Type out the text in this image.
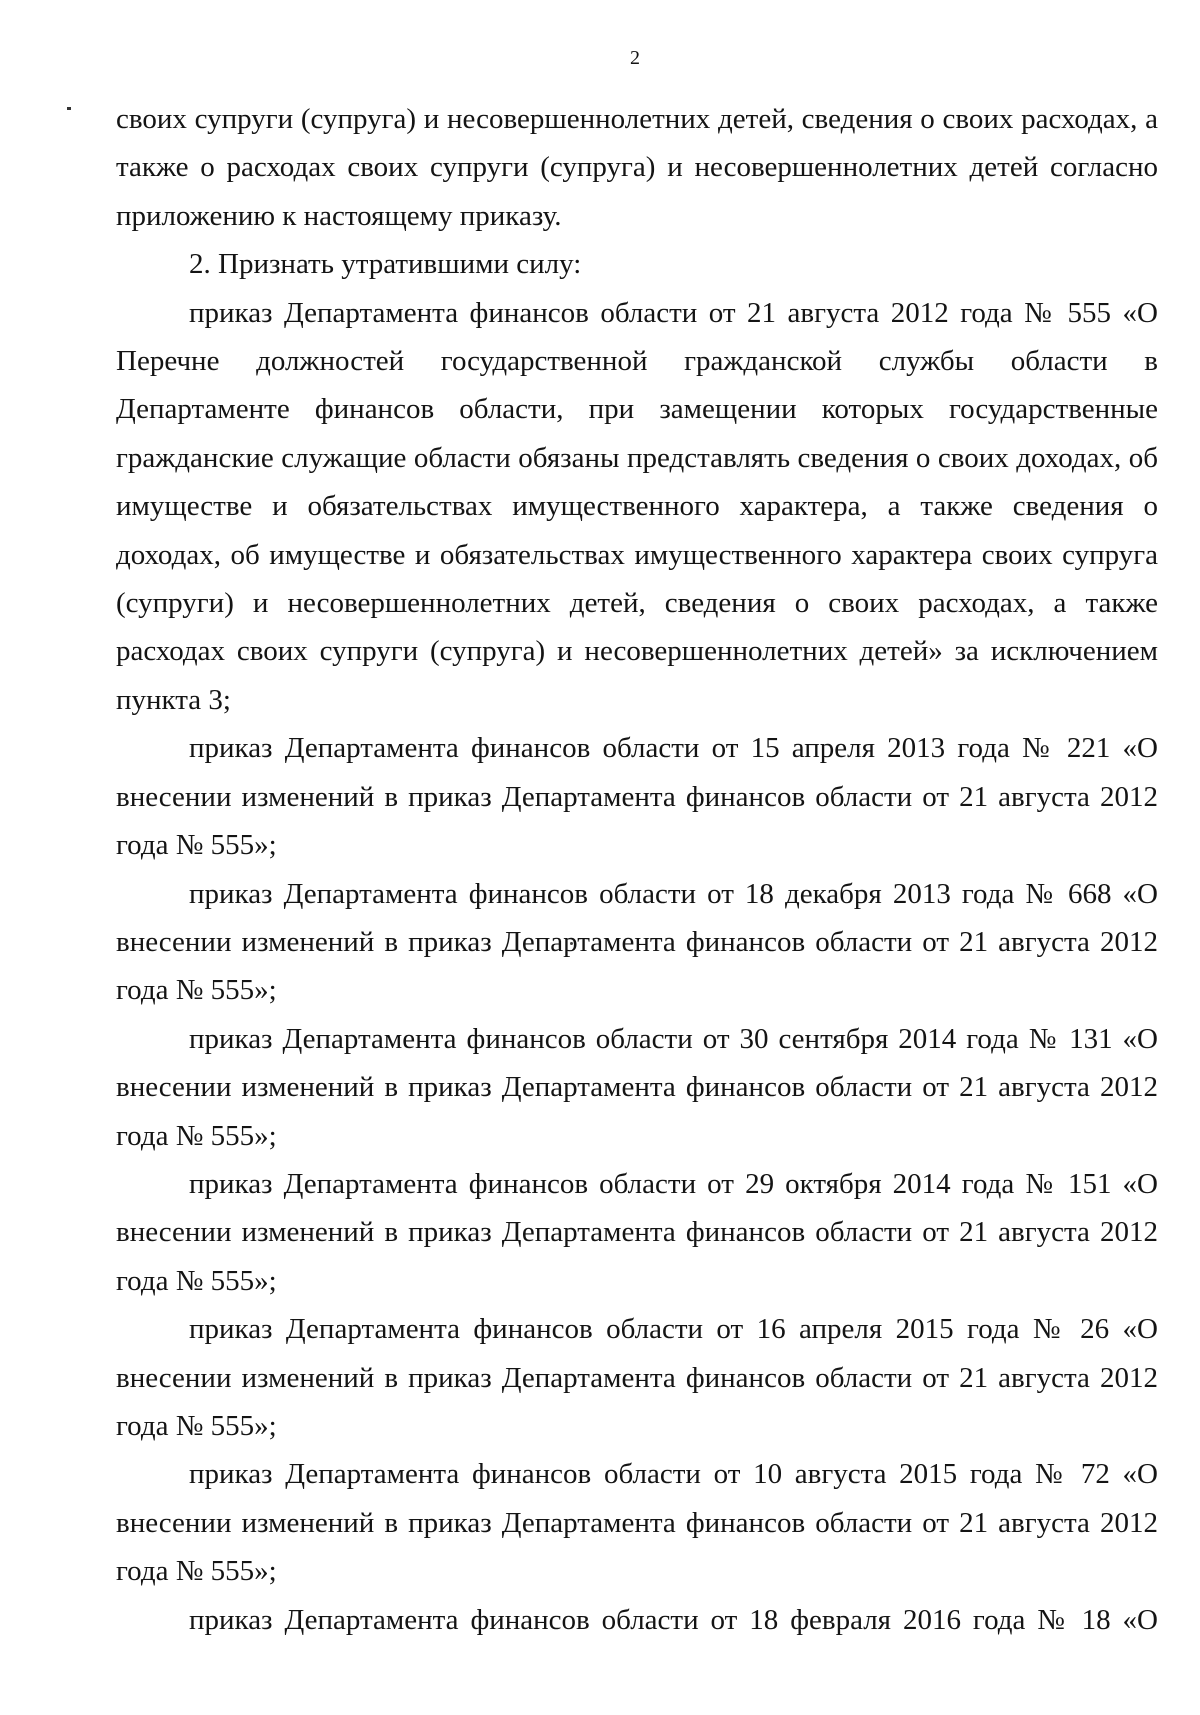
2

своих супруги (супруга) и несовершеннолетних детей, сведения о своих расходах, а также о расходах своих супруги (супруга) и несовершеннолетних детей согласно приложению к настоящему приказу.

2. Признать утратившими силу:

приказ Департамента финансов области от 21 августа 2012 года № 555 «О Перечне должностей государственной гражданской службы области в Департаменте финансов области, при замещении которых государственные гражданские служащие области обязаны представлять сведения о своих доходах, об имуществе и обязательствах имущественного характера, а также сведения о доходах, об имуществе и обязательствах имущественного характера своих супруга (супруги) и несовершеннолетних детей, сведения о своих расходах, а также расходах своих супруги (супруга) и несовершеннолетних детей» за исключением пункта 3;

приказ Департамента финансов области от 15 апреля 2013 года № 221 «О внесении изменений в приказ Департамента финансов области от 21 августа 2012 года № 555»;

приказ Департамента финансов области от 18 декабря 2013 года № 668 «О внесении изменений в приказ Департамента финансов области от 21 августа 2012 года № 555»;

приказ Департамента финансов области от 30 сентября 2014 года № 131 «О внесении изменений в приказ Департамента финансов области от 21 августа 2012 года № 555»;

приказ Департамента финансов области от 29 октября 2014 года № 151 «О внесении изменений в приказ Департамента финансов области от 21 августа 2012 года № 555»;

приказ Департамента финансов области от 16 апреля 2015 года № 26 «О внесении изменений в приказ Департамента финансов области от 21 августа 2012 года № 555»;

приказ Департамента финансов области от 10 августа 2015 года № 72 «О внесении изменений в приказ Департамента финансов области от 21 августа 2012 года № 555»;

приказ Департамента финансов области от 18 февраля 2016 года № 18 «О
